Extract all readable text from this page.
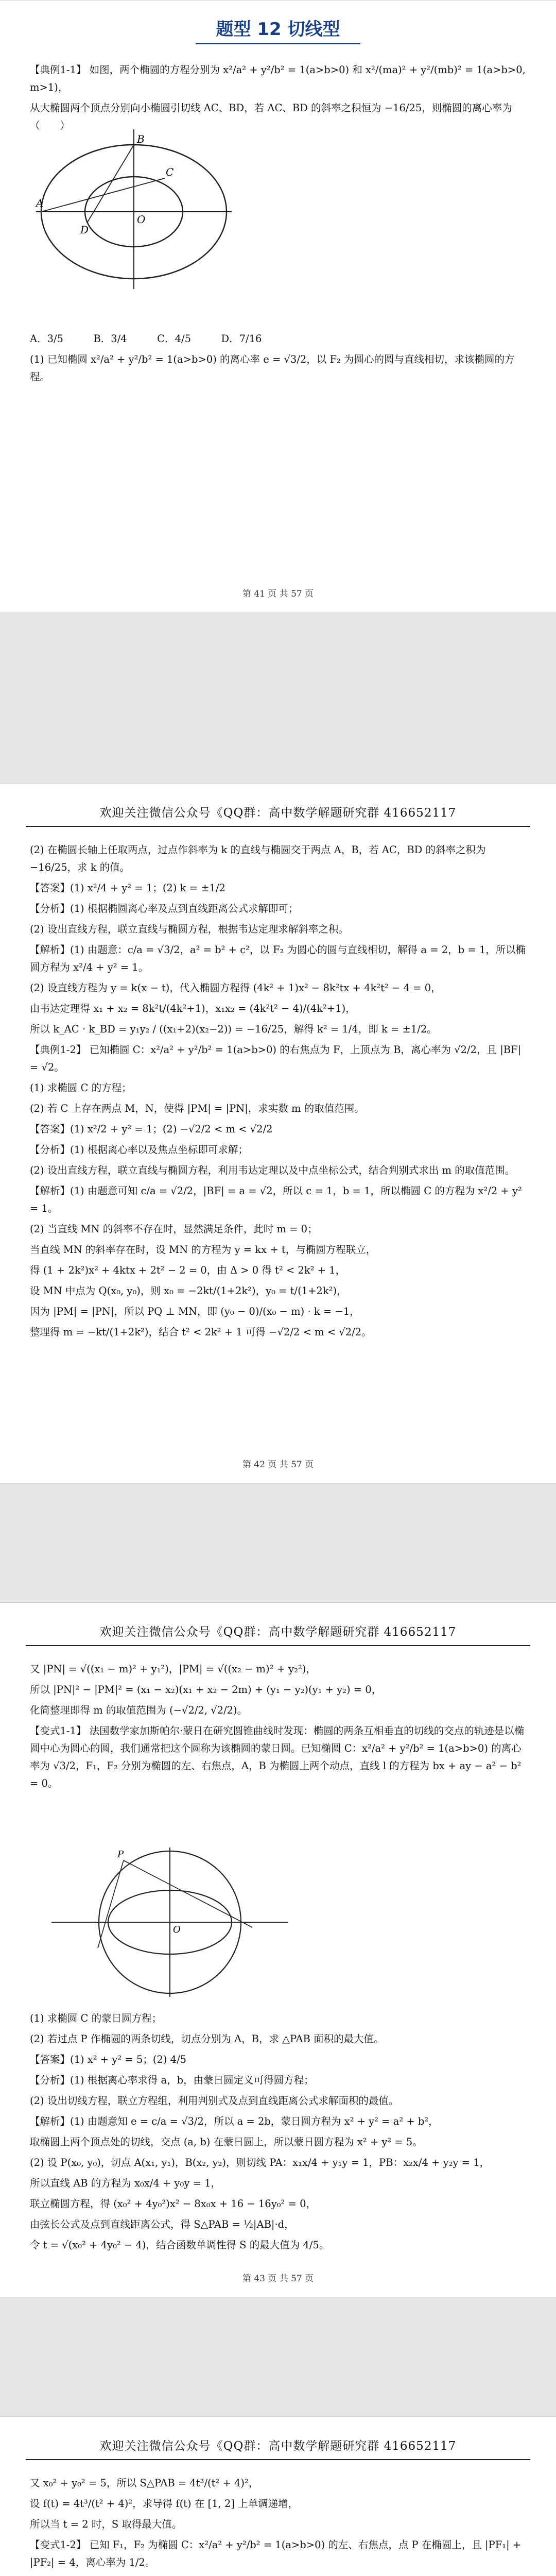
题型 12 切线型

【典例1-1】 如图，两个椭圆的方程分别为 x²/a² + y²/b² = 1(a>b>0) 和 x²/(ma)² + y²/(mb)² = 1(a>b>0, m>1)，

从大椭圆两个顶点分别向小椭圆引切线 AC、BD，若 AC、BD 的斜率之积恒为 −16/25，则椭圆的离心率为（　　）

A
B
C
D
O

A．3/5　　　B．3/4　　　C．4/5　　　D．7/16

(1) 已知椭圆 x²/a² + y²/b² = 1(a>b>0) 的离心率 e = √3/2，以 F₂ 为圆心的圆与直线相切，求该椭圆的方程。

第 41 页 共 57 页
欢迎关注微信公众号《QQ群：高中数学解题研究群 416652117

(2) 在椭圆长轴上任取两点，过点作斜率为 k 的直线与椭圆交于两点 A，B，若 AC，BD 的斜率之积为 −16/25，求 k 的值。

【答案】(1) x²/4 + y² = 1；(2) k = ±1/2

【分析】(1) 根据椭圆离心率及点到直线距离公式求解即可；

(2) 设出直线方程，联立直线与椭圆方程，根据韦达定理求解斜率之积。

【解析】(1) 由题意：c/a = √3/2，a² = b² + c²，以 F₂ 为圆心的圆与直线相切，解得 a = 2，b = 1，所以椭圆方程为 x²/4 + y² = 1。

(2) 设直线方程为 y = k(x − t)，代入椭圆方程得 (4k² + 1)x² − 8k²tx + 4k²t² − 4 = 0，

由韦达定理得 x₁ + x₂ = 8k²t/(4k²+1)，x₁x₂ = (4k²t² − 4)/(4k²+1)，

所以 k_AC · k_BD = y₁y₂ / ((x₁+2)(x₂−2)) = −16/25，解得 k² = 1/4，即 k = ±1/2。

【典例1-2】 已知椭圆 C：x²/a² + y²/b² = 1(a>b>0) 的右焦点为 F，上顶点为 B，离心率为 √2/2，且 |BF| = √2。

(1) 求椭圆 C 的方程；

(2) 若 C 上存在两点 M，N，使得 |PM| = |PN|，求实数 m 的取值范围。

【答案】(1) x²/2 + y² = 1；(2) −√2/2 < m < √2/2

【分析】(1) 根据离心率以及焦点坐标即可求解；

(2) 设出直线方程，联立直线与椭圆方程，利用韦达定理以及中点坐标公式，结合判别式求出 m 的取值范围。

【解析】(1) 由题意可知 c/a = √2/2，|BF| = a = √2，所以 c = 1，b = 1，所以椭圆 C 的方程为 x²/2 + y² = 1。

(2) 当直线 MN 的斜率不存在时，显然满足条件，此时 m = 0；

当直线 MN 的斜率存在时，设 MN 的方程为 y = kx + t，与椭圆方程联立，

得 (1 + 2k²)x² + 4ktx + 2t² − 2 = 0，由 Δ > 0 得 t² < 2k² + 1，

设 MN 中点为 Q(x₀, y₀)，则 x₀ = −2kt/(1+2k²)，y₀ = t/(1+2k²)，

因为 |PM| = |PN|，所以 PQ ⊥ MN，即 (y₀ − 0)/(x₀ − m) · k = −1，

整理得 m = −kt/(1+2k²)，结合 t² < 2k² + 1 可得 −√2/2 < m < √2/2。

第 42 页 共 57 页
欢迎关注微信公众号《QQ群：高中数学解题研究群 416652117

又 |PN| = √((x₁ − m)² + y₁²)，|PM| = √((x₂ − m)² + y₂²)，

所以 |PN|² − |PM|² = (x₁ − x₂)(x₁ + x₂ − 2m) + (y₁ − y₂)(y₁ + y₂) = 0，

化简整理即得 m 的取值范围为 (−√2/2, √2/2)。

【变式1-1】 法国数学家加斯帕尔·蒙日在研究圆锥曲线时发现：椭圆的两条互相垂直的切线的交点的轨迹是以椭圆中心为圆心的圆，我们通常把这个圆称为该椭圆的蒙日圆。已知椭圆 C：x²/a² + y²/b² = 1(a>b>0) 的离心率为 √3/2，F₁，F₂ 分别为椭圆的左、右焦点，A，B 为椭圆上两个动点，直线 l 的方程为 bx + ay − a² − b² = 0。

P
O

(1) 求椭圆 C 的蒙日圆方程；

(2) 若过点 P 作椭圆的两条切线，切点分别为 A，B，求 △PAB 面积的最大值。

【答案】(1) x² + y² = 5；(2) 4/5

【分析】(1) 根据离心率求得 a，b，由蒙日圆定义可得圆方程；

(2) 设出切线方程，联立方程组，利用判别式及点到直线距离公式求解面积的最值。

【解析】(1) 由题意知 e = c/a = √3/2，所以 a = 2b，蒙日圆方程为 x² + y² = a² + b²，

取椭圆上两个顶点处的切线，交点 (a, b) 在蒙日圆上，所以蒙日圆方程为 x² + y² = 5。

(2) 设 P(x₀, y₀)，切点 A(x₁, y₁)，B(x₂, y₂)，则切线 PA：x₁x/4 + y₁y = 1，PB：x₂x/4 + y₂y = 1，

所以直线 AB 的方程为 x₀x/4 + y₀y = 1，

联立椭圆方程，得 (x₀² + 4y₀²)x² − 8x₀x + 16 − 16y₀² = 0，

由弦长公式及点到直线距离公式，得 S△PAB = ½|AB|·d，

令 t = √(x₀² + 4y₀² − 4)，结合函数单调性得 S 的最大值为 4/5。

第 43 页 共 57 页
欢迎关注微信公众号《QQ群：高中数学解题研究群 416652117

又 x₀² + y₀² = 5，所以 S△PAB = 4t³/(t² + 4)²，

设 f(t) = 4t³/(t² + 4)²，求导得 f(t) 在 [1, 2] 上单调递增，

所以当 t = 2 时，S 取得最大值。

【变式1-2】 已知 F₁，F₂ 为椭圆 C：x²/a² + y²/b² = 1(a>b>0) 的左、右焦点，点 P 在椭圆上，且 |PF₁| + |PF₂| = 4，离心率为 1/2。
